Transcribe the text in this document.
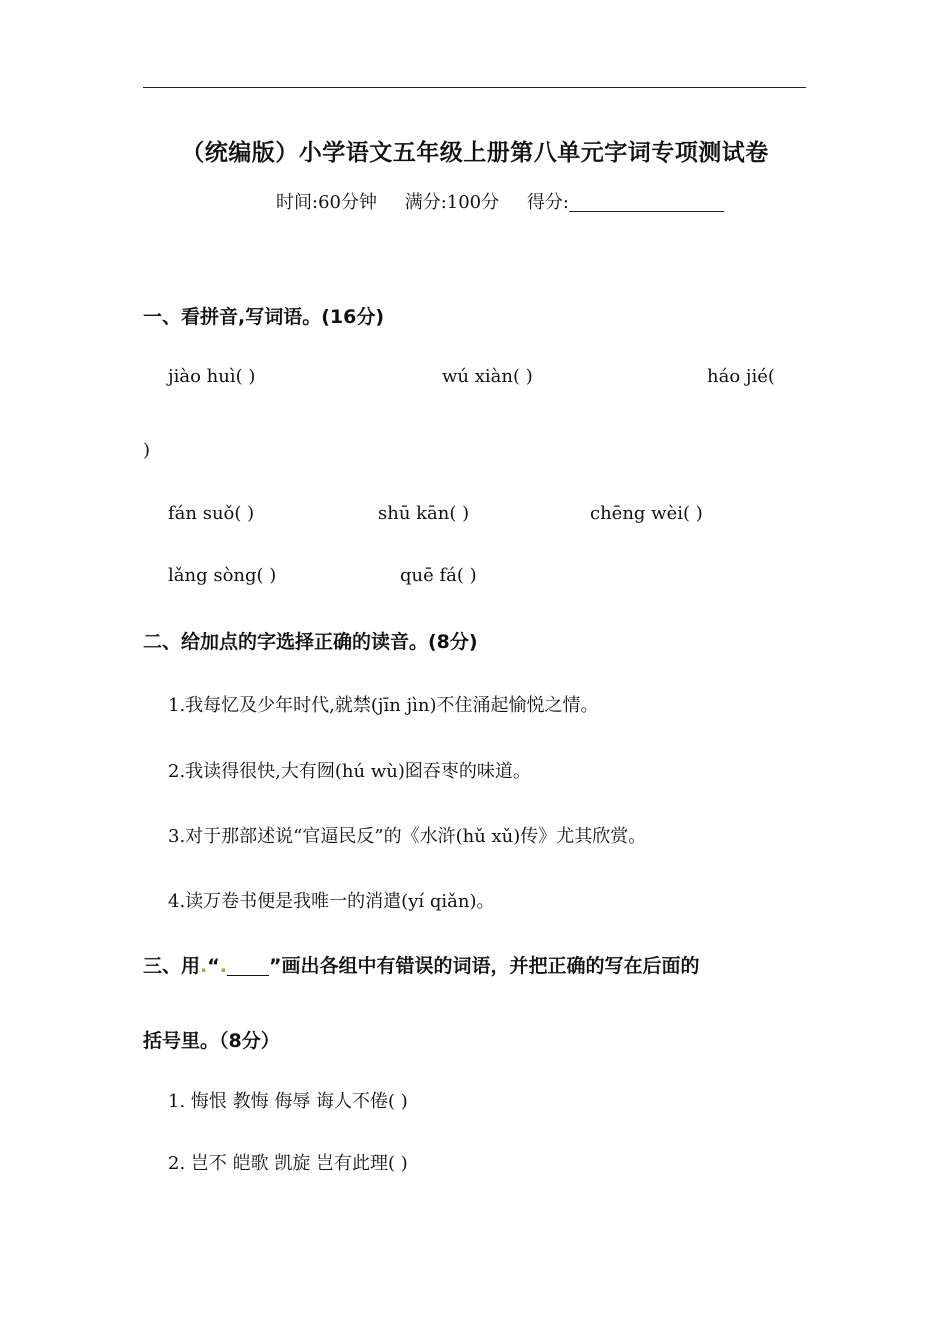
（统编版）小学语文五年级上册第八单元字词专项测试卷
时间:60分钟 满分:100分 得分:
一、看拼音,写词语。(16分)
jiào huì( )	wú xiàn( )	háo jié(
)
fán suǒ( )	shū kān( )	chēng wèi( )
lǎng sòng( )	quē fá( )
二、给加点的字选择正确的读音。(8分)
1.我每忆及少年时代,就禁(jīn jìn)不住涌起愉悦之情。
2.我读得很快,大有囫(hú wù)囵吞枣的味道。
3.对于那部述说“官逼民反”的《水浒(hǔ xǔ)传》尤其欣赏。
4.读万卷书便是我唯一的消遣(yí qiǎn)。
三、用.“. ”画出各组中有错误的词语，并把正确的写在后面的
括号里。（8分）
1. 悔恨 教悔 侮辱 诲人不倦( )
2. 岂不 皑歌 凯旋 岂有此理( )
